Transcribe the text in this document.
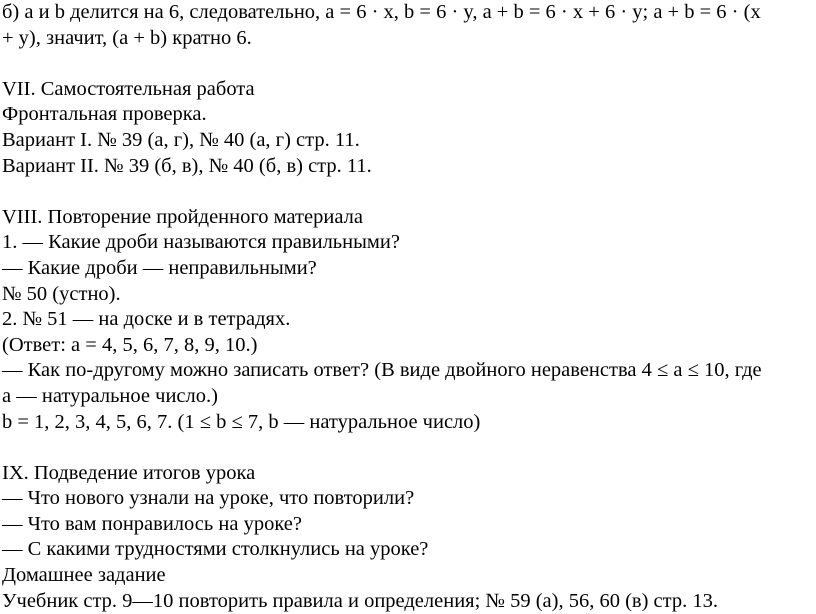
б) a и b делится на 6, следовательно, a = 6 · x, b = 6 · y, a + b = 6 · x + 6 · y; a + b = 6 · (x
+ y), значит, (a + b) кратно 6.
VII. Самостоятельная работа
Фронтальная проверка.
Вариант I. № 39 (а, г), № 40 (а, г) стр. 11.
Вариант II. № 39 (б, в), № 40 (б, в) стр. 11.
VIII. Повторение пройденного материала
1. — Какие дроби называются правильными?
— Какие дроби — неправильными?
№ 50 (устно).
2. № 51 — на доске и в тетрадях.
(Ответ: a = 4, 5, 6, 7, 8, 9, 10.)
— Как по-другому можно записать ответ? (В виде двойного неравенства 4 ≤ a ≤ 10, где
a — натуральное число.)
b = 1, 2, 3, 4, 5, 6, 7. (1 ≤ b ≤ 7, b — натуральное число)
IX. Подведение итогов урока
— Что нового узнали на уроке, что повторили?
— Что вам понравилось на уроке?
— С какими трудностями столкнулись на уроке?
Домашнее задание
Учебник стр. 9—10 повторить правила и определения; № 59 (а), 56, 60 (в) стр. 13.
